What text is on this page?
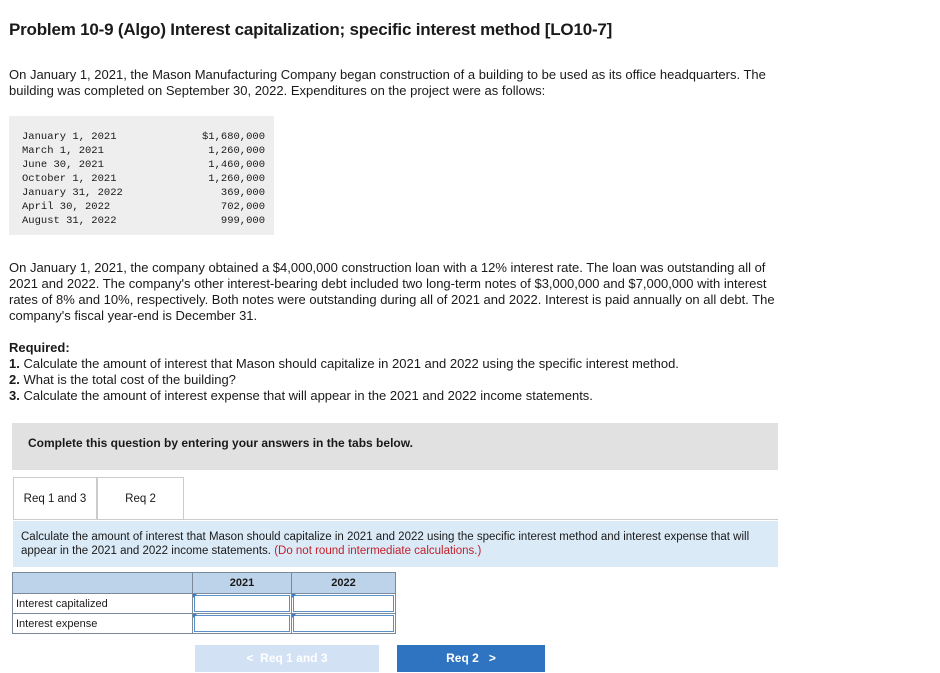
Problem 10-9 (Algo) Interest capitalization; specific interest method [LO10-7]
On January 1, 2021, the Mason Manufacturing Company began construction of a building to be used as its office headquarters. The
building was completed on September 30, 2022. Expenditures on the project were as follows:
January 1, 2021	$1,680,000
March 1, 2021	1,260,000
June 30, 2021	1,460,000
October 1, 2021	1,260,000
January 31, 2022	369,000
April 30, 2022	702,000
August 31, 2022	999,000
On January 1, 2021, the company obtained a $4,000,000 construction loan with a 12% interest rate. The loan was outstanding all of
2021 and 2022. The company's other interest-bearing debt included two long-term notes of $3,000,000 and $7,000,000 with interest
rates of 8% and 10%, respectively. Both notes were outstanding during all of 2021 and 2022. Interest is paid annually on all debt. The
company's fiscal year-end is December 31.
Required:
1. Calculate the amount of interest that Mason should capitalize in 2021 and 2022 using the specific interest method.
2. What is the total cost of the building?
3. Calculate the amount of interest expense that will appear in the 2021 and 2022 income statements.
Complete this question by entering your answers in the tabs below.
Req 1 and 3	Req 2
Calculate the amount of interest that Mason should capitalize in 2021 and 2022 using the specific interest method and interest expense that will appear in the 2021 and 2022 income statements. (Do not round intermediate calculations.)
	2021	2022
Interest capitalized	

Interest expense	

< Req 1 and 3	Req 2 >
